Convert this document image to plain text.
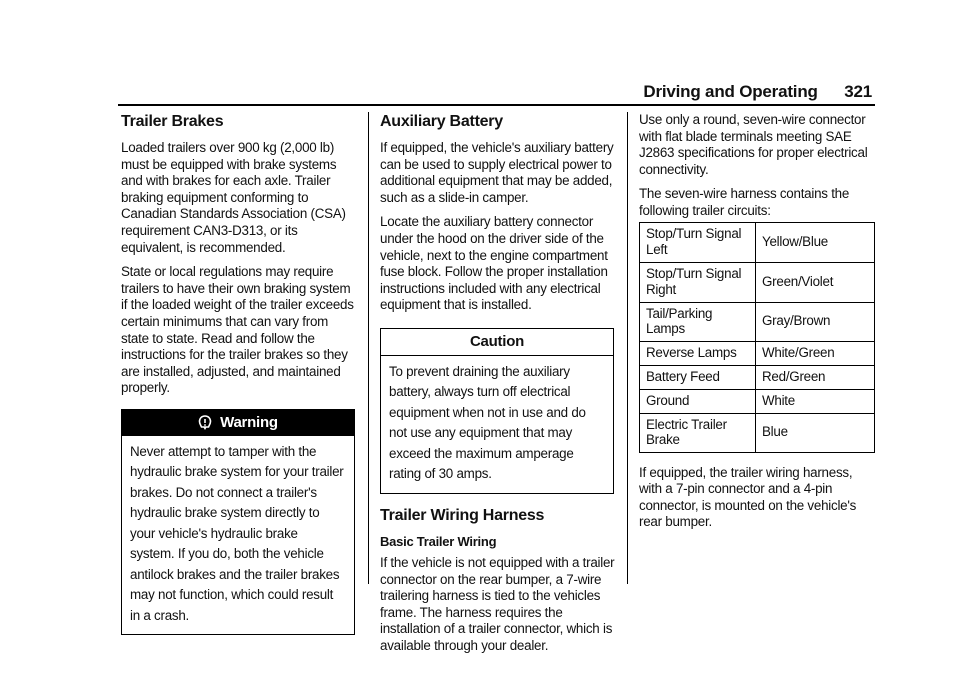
Driving and Operating 321
Trailer Brakes

Loaded trailers over 900 kg (2,000 lb) must be equipped with brake systems and with brakes for each axle. Trailer braking equipment conforming to Canadian Standards Association (CSA) requirement CAN3-D313, or its equivalent, is recommended.

State or local regulations may require trailers to have their own braking system if the loaded weight of the trailer exceeds certain minimums that can vary from state to state. Read and follow the instructions for the trailer brakes so they are installed, adjusted, and maintained properly.

Warning
Never attempt to tamper with the hydraulic brake system for your trailer brakes. Do not connect a trailer's hydraulic brake system directly to your vehicle's hydraulic brake system. If you do, both the vehicle antilock brakes and the trailer brakes may not function, which could result in a crash.
Auxiliary Battery

If equipped, the vehicle's auxiliary battery can be used to supply electrical power to additional equipment that may be added, such as a slide-in camper.

Locate the auxiliary battery connector under the hood on the driver side of the vehicle, next to the engine compartment fuse block. Follow the proper installation instructions included with any electrical equipment that is installed.

Caution
To prevent draining the auxiliary battery, always turn off electrical equipment when not in use and do not use any equipment that may exceed the maximum amperage rating of 30 amps.
Trailer Wiring Harness
Basic Trailer Wiring

If the vehicle is not equipped with a trailer connector on the rear bumper, a 7-wire trailering harness is tied to the vehicles frame. The harness requires the installation of a trailer connector, which is available through your dealer.

Use only a round, seven-wire connector with flat blade terminals meeting SAE J2863 specifications for proper electrical connectivity.

The seven-wire harness contains the following trailer circuits:

Stop/Turn Signal Left	Yellow/Blue
Stop/Turn Signal Right	Green/Violet
Tail/Parking Lamps	Gray/Brown
Reverse Lamps	White/Green
Battery Feed	Red/Green
Ground	White
Electric Trailer Brake	Blue

If equipped, the trailer wiring harness, with a 7-pin connector and a 4-pin connector, is mounted on the vehicle's rear bumper.
